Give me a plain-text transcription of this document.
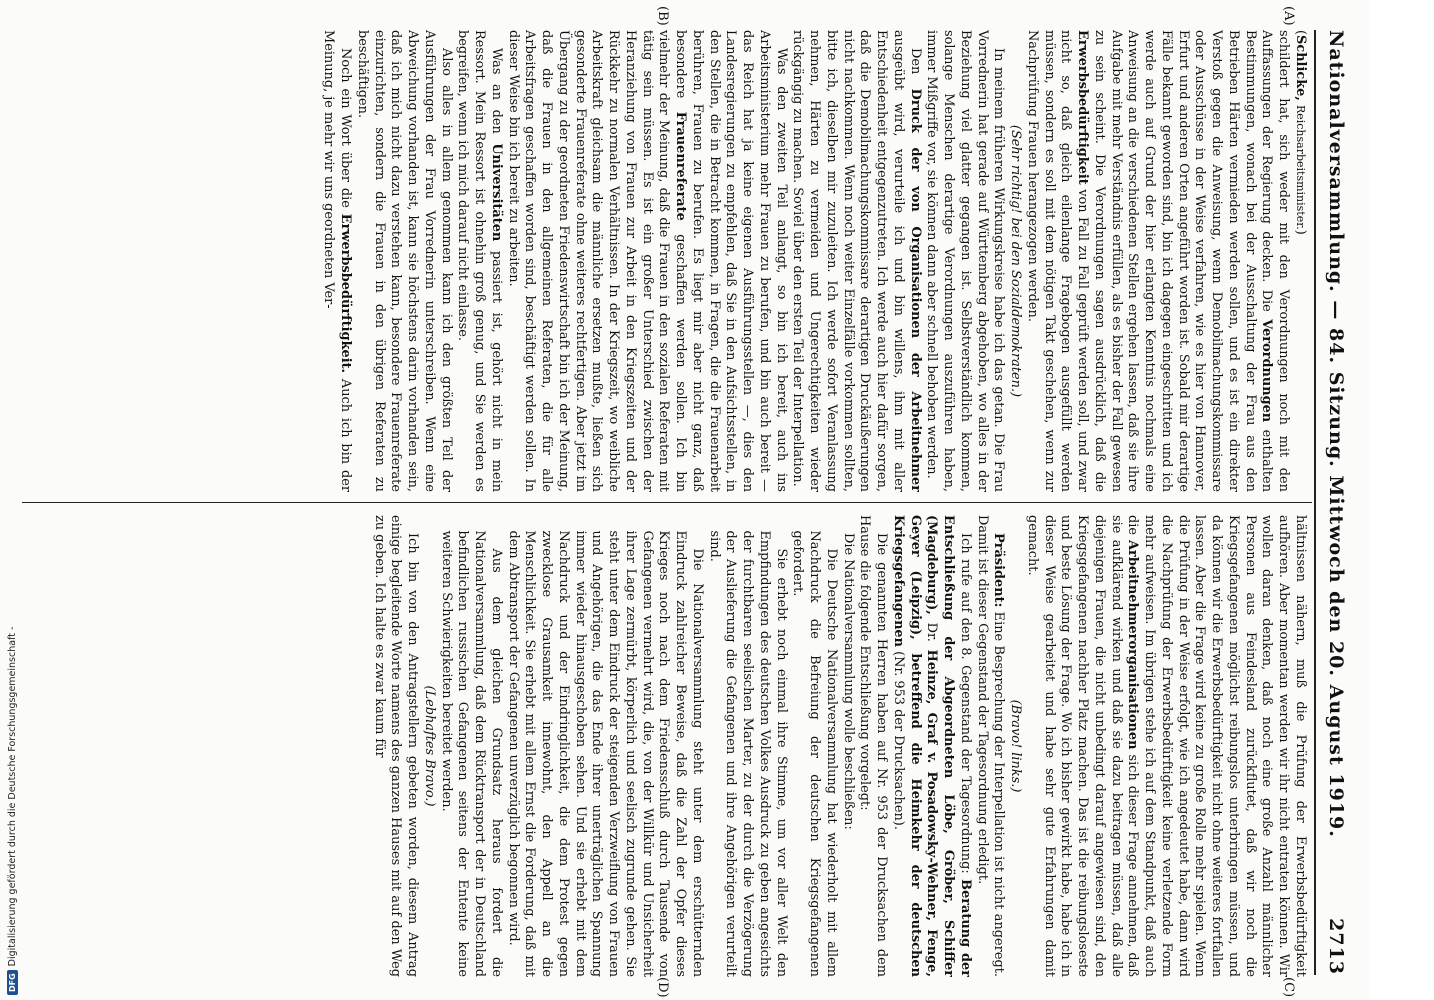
Nationalversammlung. — 84. Sitzung. Mittwoch den 20. August 1919.
2713
(A)
(B)
(C)
(D)

(Schlicke, Reichsarbeitsminister.)

schildert hat, sich weder mit den Verordnungen noch mit den Auffassungen der Regierung decken. Die Verordnungen enthalten Bestimmungen, wonach bei der Ausschaltung der Frau aus den Betrieben Härten vermieden werden sollen, und es ist ein direkter Verstoß gegen die Anweisung, wenn Demobilmachungskommissare oder Ausschüsse in der Weise verfahren, wie es hier von Hannover, Erfurt und anderen Orten angeführt worden ist. Sobald mir derartige Fälle bekannt geworden sind, bin ich dagegen eingeschritten und ich werde auch auf Grund der hier erlangten Kenntnis nochmals eine Anweisung an die verschiedenen Stellen ergehen lassen, daß sie ihre Aufgabe mit mehr Verständnis erfüllen, als es bisher der Fall gewesen zu sein scheint. Die Verordnungen sagen ausdrücklich, daß die Erwerbsbedürftigkeit von Fall zu Fall geprüft werden soll, und zwar nicht so, daß gleich eilenlange Fragebogen ausgefüllt werden müssen, sondern es soll mit dem nötigen Takt geschehen, wenn zur Nachprüfung Frauen herangezogen werden.

(Sehr richtig! bei den Sozialdemokraten.)

In meinem früheren Wirkungskreise habe ich das getan. Die Frau Vorrednerin hat gerade auf Württemberg abgehoben, wo alles in der Beziehung viel glatter gegangen ist. Selbstverständlich kommen, solange Menschen derartige Verordnungen auszuführen haben, immer Mißgriffe vor, sie können dann aber schnell behoben werden.

Den Druck der von Organisationen der Arbeitnehmer ausgeübt wird, verurteile ich und bin willens, ihm mit aller Entschiedenheit entgegenzutreten. Ich werde auch hier dafür sorgen, daß die Demobilmachungskommissare derartigen Druckäußerungen nicht nachkommen. Wenn noch weiter Einzelfälle vorkommen sollten, bitte ich, dieselben mir zuzuleiten. Ich werde sofort Veranlassung nehmen, Härten zu vermeiden und Ungerechtigkeiten wieder rückgängig zu machen. Soviel über den ersten Teil der Interpellation.

Was den zweiten Teil anlangt, so bin ich bereit, auch ins Arbeitsministerium mehr Frauen zu berufen, und bin auch bereit — das Reich hat ja keine eigenen Ausführungsstellen —, dies den Landesregierungen zu empfehlen, daß Sie in den Aufsichtsstellen, in den Stellen, die in Betracht kommen, in Fragen, die die Frauenarbeit berühren, Frauen zu berufen. Es liegt mir aber nicht ganz, daß besondere Frauenreferate geschaffen werden sollen. Ich bin vielmehr der Meinung, daß die Frauen in den sozialen Referaten mit tätig sein müssen. Es ist ein großer Unterschied zwischen der Heranziehung von Frauen zur Arbeit in den Kriegszeiten und der Rückkehr zu normalen Verhältnissen. In der Kriegszeit, wo weibliche Arbeitskraft gleichsam die männliche ersetzen mußte, ließen sich gesonderte Frauenreferate ohne weiteres rechtfertigen. Aber jetzt im Übergang zu der geordneten Friedenswirtschaft bin ich der Meinung, daß die Frauen in den allgemeinen Referaten, die für alle Arbeitsfragen geschaffen worden sind, beschäftigt werden sollen. In dieser Weise bin ich bereit zu arbeiten.

Was an den Universitäten passiert ist, gehört nicht in mein Ressort. Mein Ressort ist ohnehin groß genug, und Sie werden es begreifen, wenn ich mich darauf nicht einlasse.

Also alles in allem genommen kann ich den größten Teil der Ausführungen der Frau Vorrednerin unterschreiben. Wenn eine Abweichung vorhanden ist, kann sie höchstens darin vorhanden sein, daß ich mich nicht dazu verstehen kann, besondere Frauenreferate einzurichten, sondern die Frauen in den übrigen Referaten zu beschäftigen.

Noch ein Wort über die Erwerbsbedürftigkeit. Auch ich bin der Meinung, je mehr wir uns geordneten Ver-

hältnissen nähern, muß die Prüfung der Erwerbsbedürftigkeit aufhören. Aber momentan werden wir ihr nicht entraten können. Wir wollen daran denken, daß noch eine große Anzahl männlicher Personen aus Feindesland zurückflutet, daß wir noch die Kriegsgefangenen möglichst reibungslos unterbringen müssen, und da können wir die Erwerbsbedürftigkeit nicht ohne weiteres fortfallen lassen. Aber die Frage wird keine zu große Rolle mehr spielen. Wenn die Prüfung in der Weise erfolgt, wie ich angedeutet habe, dann wird die Nachprüfung der Erwerbsbedürftigkeit keine verletzende Form mehr aufweisen. Im übrigen stehe ich auf dem Standpunkt, daß auch die Arbeitnehmerorganisationen sich dieser Frage annehmen, daß sie aufklärend wirken und daß sie dazu beitragen müssen, daß alle diejenigen Frauen, die nicht unbedingt darauf angewiesen sind, den Kriegsgefangenen nachher Platz machen. Das ist die reibungsloseste und beste Lösung der Frage. Wo ich bisher gewirkt habe, habe ich in dieser Weise gearbeitet und habe sehr gute Erfahrungen damit gemacht.

(Bravo! links.)

Präsident: Eine Besprechung der Interpellation ist nicht angeregt. Damit ist dieser Gegenstand der Tagesordnung erledigt.

Ich rufe auf den 8. Gegenstand der Tagesordnung: Beratung der Entschließung der Abgeordneten Löbe, Gröber, Schiffer (Magdeburg), Dr. Heinze, Graf v. Posadowsky-Wehner, Fenge, Geyer (Leipzig), betreffend die Heimkehr der deutschen Kriegsgefangenen (Nr. 953 der Drucksachen).

Die genannten Herren haben auf Nr. 953 der Drucksachen dem Hause die folgende Entschließung vorgelegt:

Die Nationalversammlung wolle beschließen:

Die Deutsche Nationalversammlung hat wiederholt mit allem Nachdruck die Befreiung der deutschen Kriegsgefangenen gefordert.

Sie erhebt noch einmal ihre Stimme, um vor aller Welt den Empfindungen des deutschen Volkes Ausdruck zu geben angesichts der furchtbaren seelischen Marter, zu der durch die Verzögerung der Auslieferung die Gefangenen und ihre Angehörigen verurteilt sind.

Die Nationalversammlung steht unter dem erschütternden Eindruck zahlreicher Beweise, daß die Zahl der Opfer dieses Krieges noch nach dem Friedensschluß durch Tausende von Gefangenen vermehrt wird, die, von der Willkür und Unsicherheit ihrer Lage zermürbt, körperlich und seelisch zugrunde gehen. Sie steht unter dem Eindruck der steigenden Verzweiflung von Frauen und Angehörigen, die das Ende ihrer unerträglichen Spannung immer wieder hinausgeschoben sehen. Und sie erhebt mit dem Nachdruck und der Eindringlichkeit, die dem Protest gegen zwecklose Grausamkeit innewohnt, den Appell an die Menschlichkeit. Sie erhebt mit allem Ernst die Forderung, daß mit dem Abtransport der Gefangenen unverzüglich begonnen wird.

Aus dem gleichen Grundsatz heraus fordert die Nationalversammlung, daß dem Rücktransport der in Deutschland befindlichen russischen Gefangenen seitens der Entente keine weiteren Schwierigkeiten bereitet werden.

(Lebhaftes Bravo.)

Ich bin von den Antragstellern gebeten worden, diesem Antrag einige begleitende Worte namens des ganzen Hauses mit auf den Weg zu geben. Ich halte es zwar kaum für

DFG
Digitalisierung gefördert durch die Deutsche Forschungsgemeinschaft -
